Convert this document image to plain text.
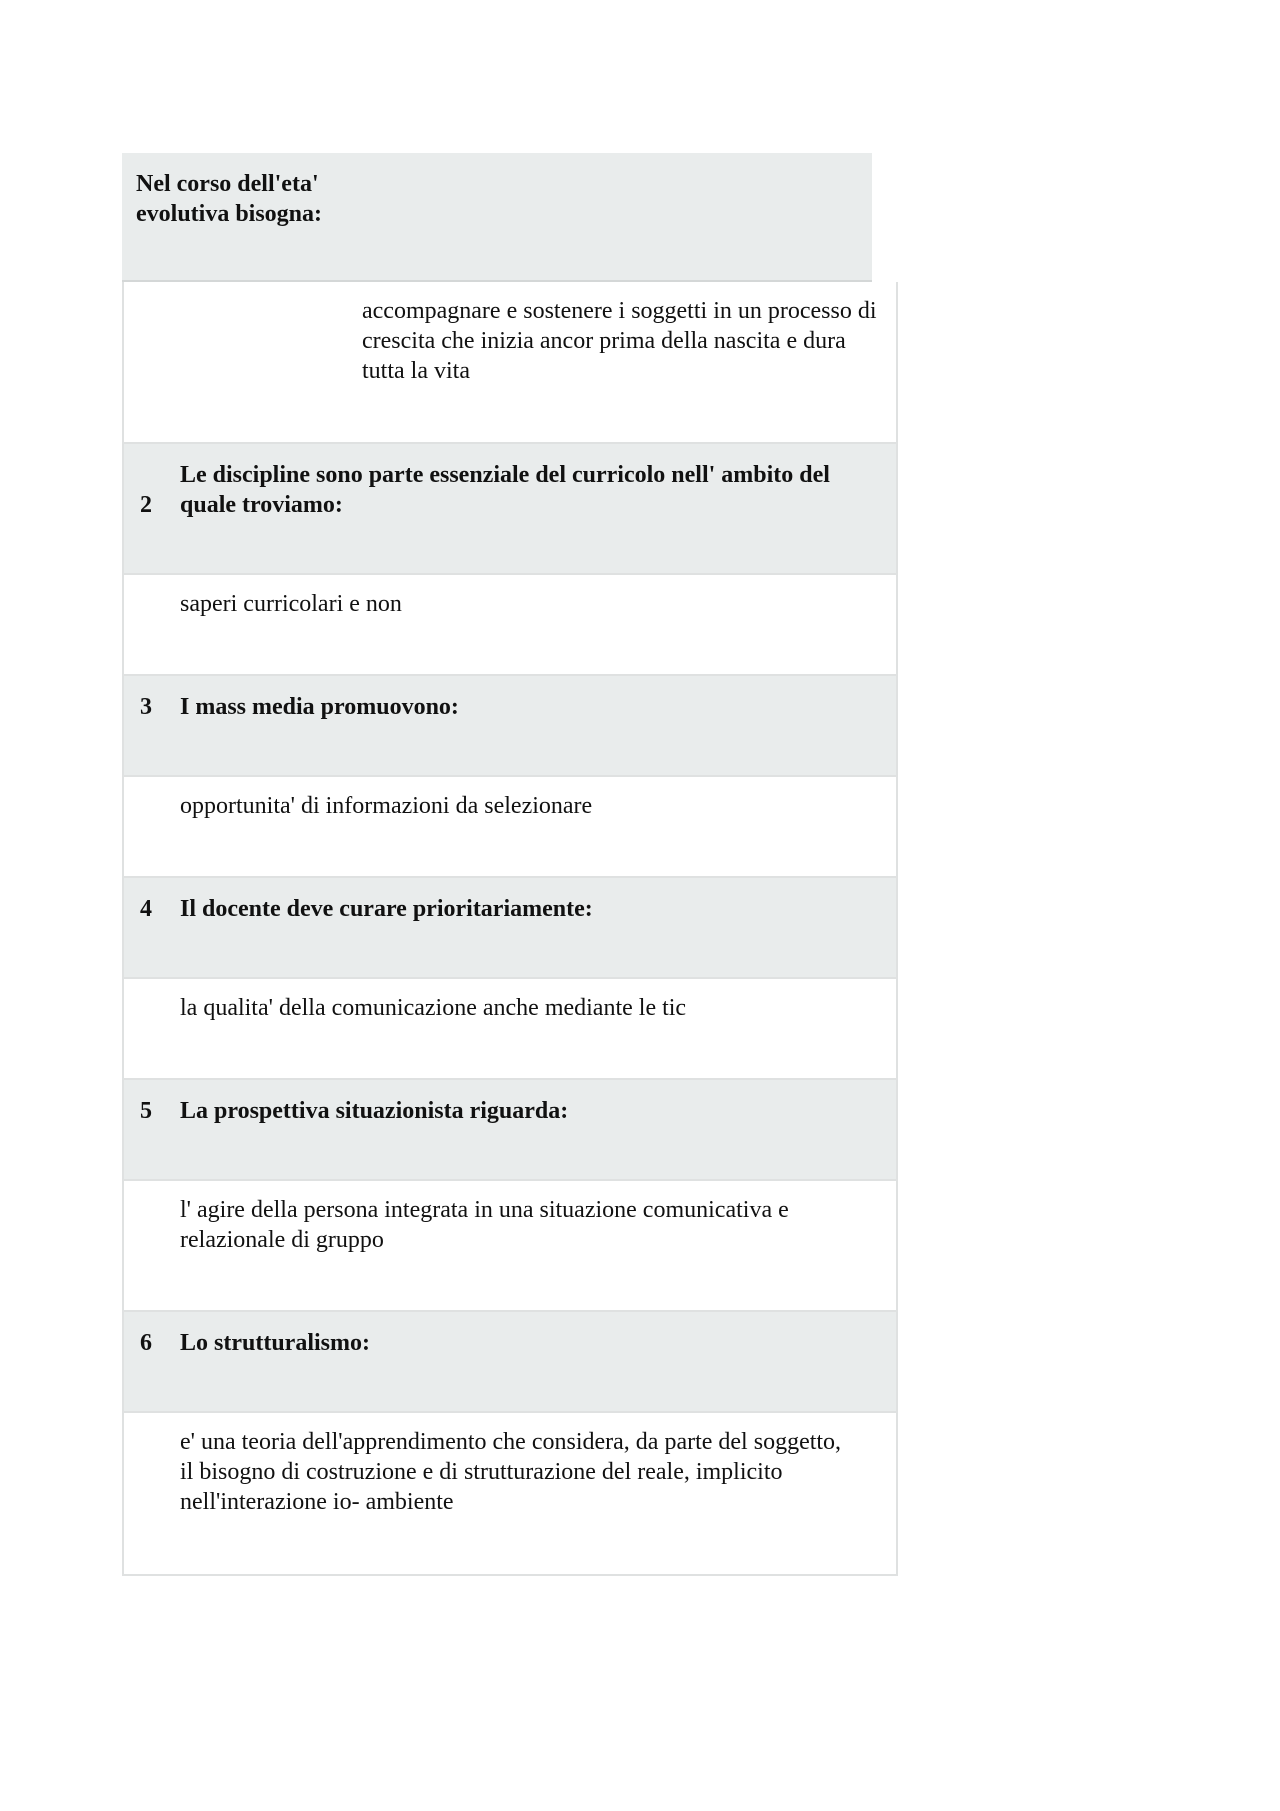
Nel corso dell'eta' evolutiva bisogna:
accompagnare e sostenere i soggetti in un processo di crescita che inizia ancor prima della nascita e dura tutta la vita
2
Le discipline sono parte essenziale del curricolo nell' ambito del quale troviamo:
saperi curricolari e non
3 I mass media promuovono:
opportunita' di informazioni da selezionare
4 Il docente deve curare prioritariamente:
la qualita' della comunicazione anche mediante le tic
5 La prospettiva situazionista riguarda:
l' agire della persona integrata in una situazione comunicativa e relazionale di gruppo
6 Lo strutturalismo:
e' una teoria dell'apprendimento che considera, da parte del soggetto, il bisogno di costruzione e di strutturazione del reale, implicito nell'interazione io- ambiente
